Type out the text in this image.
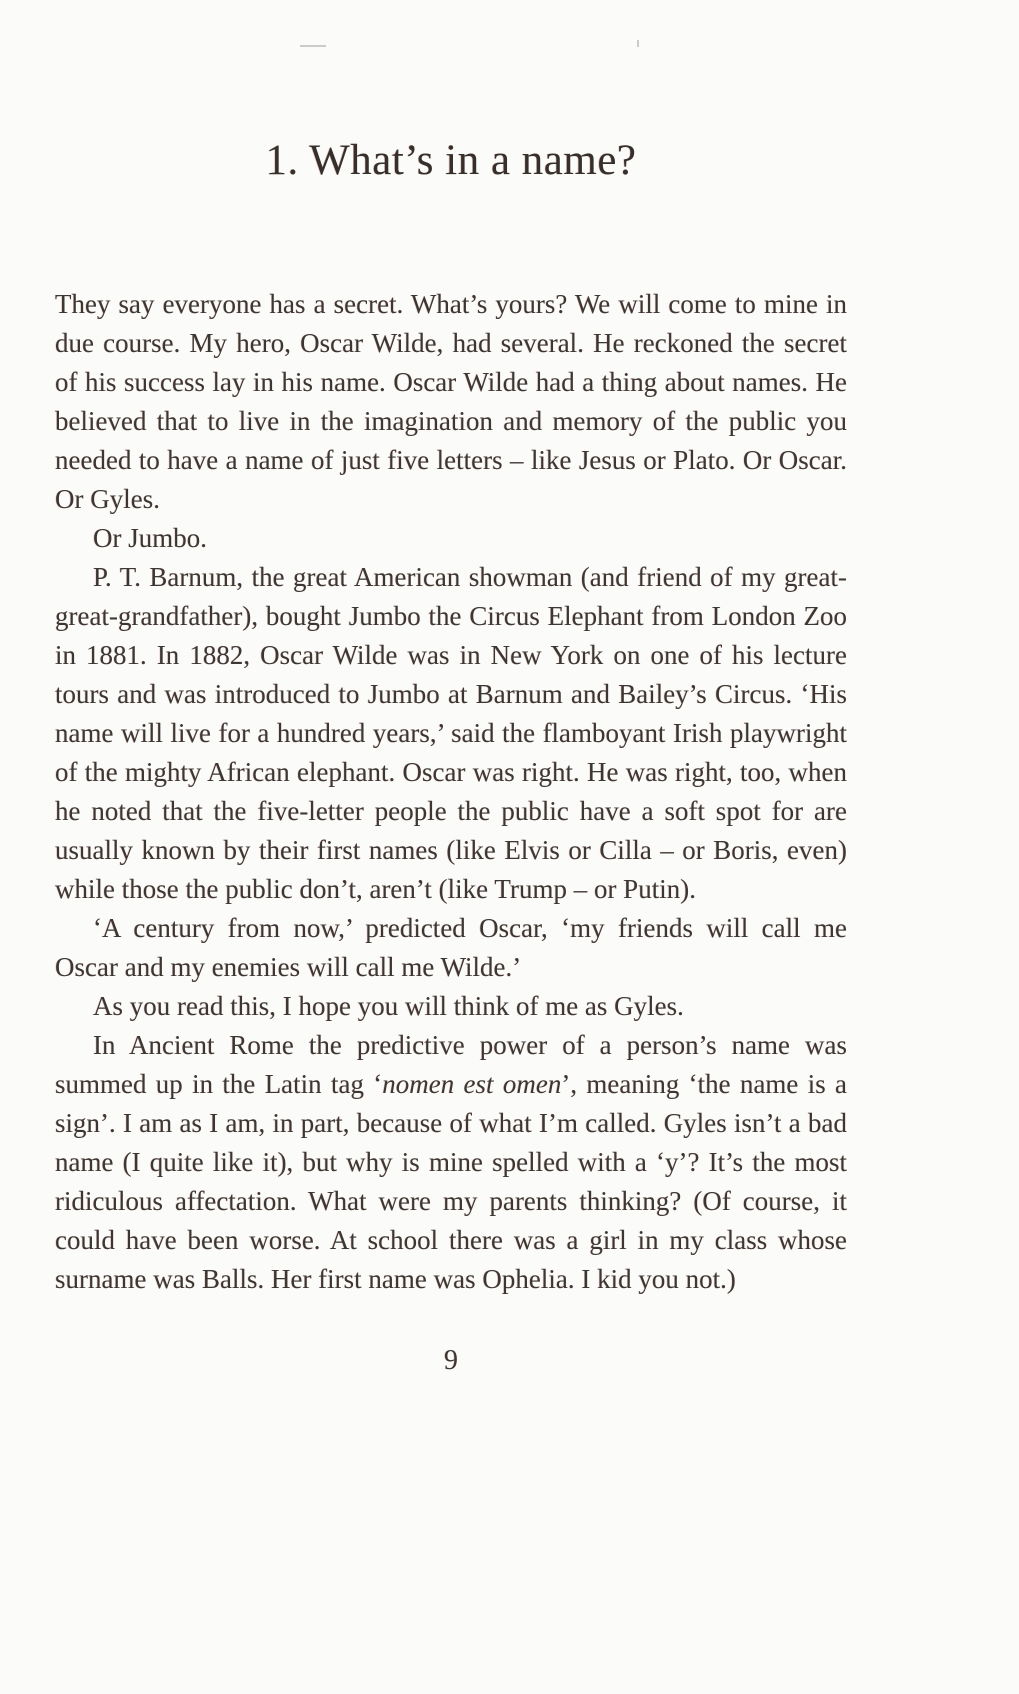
1. What’s in a name?

They say everyone has a secret. What’s yours? We will come to mine in due course. My hero, Oscar Wilde, had several. He reckoned the secret of his success lay in his name. Oscar Wilde had a thing about names. He believed that to live in the imagination and memory of the public you needed to have a name of just five letters – like Jesus or Plato. Or Oscar. Or Gyles.

Or Jumbo.

P. T. Barnum, the great American showman (and friend of my great-great-grandfather), bought Jumbo the Circus Elephant from London Zoo in 1881. In 1882, Oscar Wilde was in New York on one of his lecture tours and was introduced to Jumbo at Barnum and Bailey’s Circus. ‘His name will live for a hundred years,’ said the flamboyant Irish playwright of the mighty African elephant. Oscar was right. He was right, too, when he noted that the five-letter people the public have a soft spot for are usually known by their first names (like Elvis or Cilla – or Boris, even) while those the public don’t, aren’t (like Trump – or Putin).

‘A century from now,’ predicted Oscar, ‘my friends will call me Oscar and my enemies will call me Wilde.’

As you read this, I hope you will think of me as Gyles.

In Ancient Rome the predictive power of a person’s name was summed up in the Latin tag ‘nomen est omen’, meaning ‘the name is a sign’. I am as I am, in part, because of what I’m called. Gyles isn’t a bad name (I quite like it), but why is mine spelled with a ‘y’? It’s the most ridiculous affectation. What were my parents thinking? (Of course, it could have been worse. At school there was a girl in my class whose surname was Balls. Her first name was Ophelia. I kid you not.)

9
